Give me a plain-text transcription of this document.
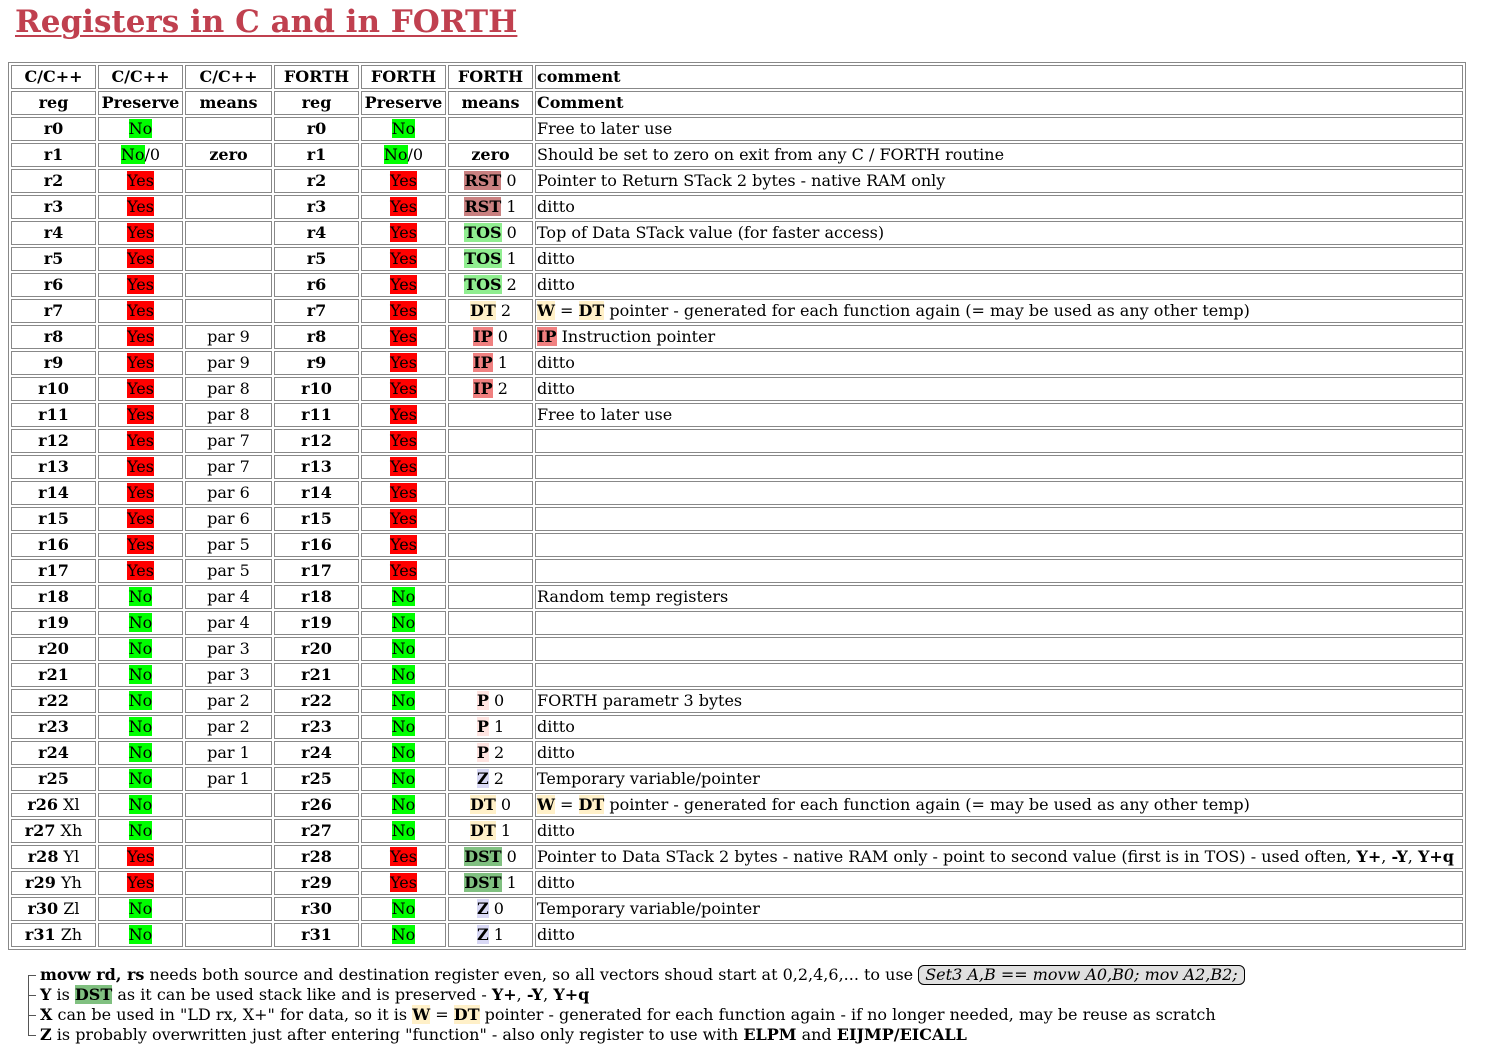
Registers in C and in FORTH
C/C++	C/C++	C/C++	FORTH	FORTH	FORTH	comment
reg	Preserve	means	reg	Preserve	means	Comment
r0	No		r0	No		Free to later use
r1	No/0	zero	r1	No/0	zero	Should be set to zero on exit from any C / FORTH routine
r2	Yes		r2	Yes	RST 0	Pointer to Return STack 2 bytes - native RAM only
r3	Yes		r3	Yes	RST 1	ditto
r4	Yes		r4	Yes	TOS 0	Top of Data STack value (for faster access)
r5	Yes		r5	Yes	TOS 1	ditto
r6	Yes		r6	Yes	TOS 2	ditto
r7	Yes		r7	Yes	DT 2	W = DT pointer - generated for each function again (= may be used as any other temp)
r8	Yes	par 9	r8	Yes	IP 0	IP Instruction pointer
r9	Yes	par 9	r9	Yes	IP 1	ditto
r10	Yes	par 8	r10	Yes	IP 2	ditto
r11	Yes	par 8	r11	Yes		Free to later use
r12	Yes	par 7	r12	Yes		
r13	Yes	par 7	r13	Yes		
r14	Yes	par 6	r14	Yes		
r15	Yes	par 6	r15	Yes		
r16	Yes	par 5	r16	Yes		
r17	Yes	par 5	r17	Yes		
r18	No	par 4	r18	No		Random temp registers
r19	No	par 4	r19	No		
r20	No	par 3	r20	No		
r21	No	par 3	r21	No		
r22	No	par 2	r22	No	P 0	FORTH parametr 3 bytes
r23	No	par 2	r23	No	P 1	ditto
r24	No	par 1	r24	No	P 2	ditto
r25	No	par 1	r25	No	Z 2	Temporary variable/pointer
r26 Xl	No		r26	No	DT 0	W = DT pointer - generated for each function again (= may be used as any other temp)
r27 Xh	No		r27	No	DT 1	ditto
r28 Yl	Yes		r28	Yes	DST 0	Pointer to Data STack 2 bytes - native RAM only - point to second value (first is in TOS) - used often, Y+, -Y, Y+q
r29 Yh	Yes		r29	Yes	DST 1	ditto
r30 Zl	No		r30	No	Z 0	Temporary variable/pointer
r31 Zh	No		r31	No	Z 1	ditto
movw rd, rs needs both source and destination register even, so all vectors shoud start at 0,2,4,6,... to use Set3 A,B == movw A0,B0; mov A2,B2;
Y is DST as it can be used stack like and is preserved - Y+, -Y, Y+q
X can be used in "LD rx, X+" for data, so it is W = DT pointer - generated for each function again - if no longer needed, may be reuse as scratch
Z is probably overwritten just after entering "function" - also only register to use with ELPM and EIJMP/EICALL
